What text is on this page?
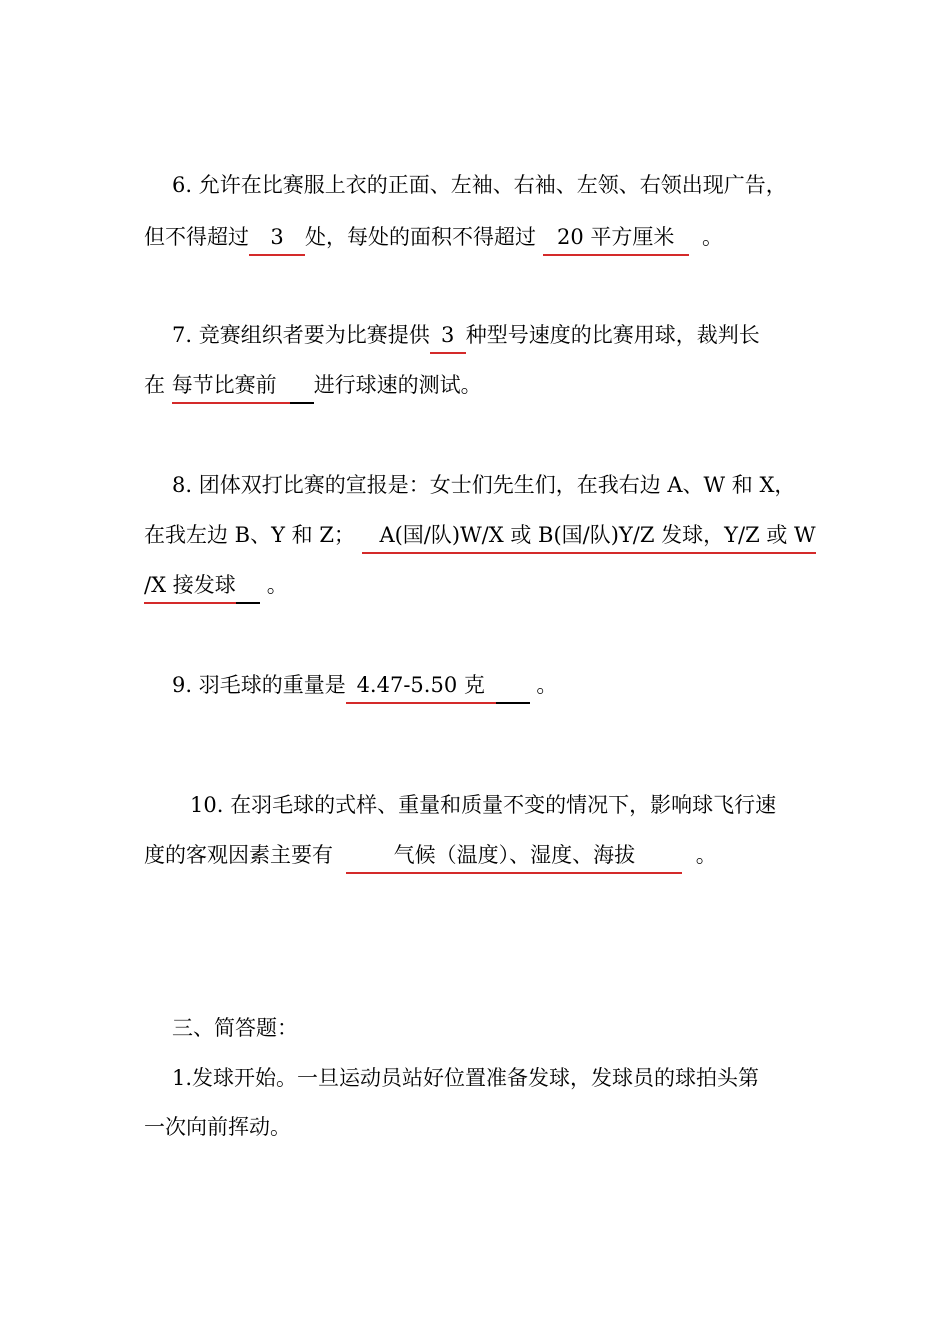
6. 允许在比赛服上衣的正面、左袖、右袖、左领、右领出现广告，
但不得超过 3 处，每处的面积不得超过 20 平方厘米 。
7. 竞赛组织者要为比赛提供 3 种型号速度的比赛用球，裁判长
在 每节比赛前 进行球速的测试。
8. 团体双打比赛的宣报是：女士们先生们，在我右边 A、W 和 X，
在我左边 B、Y 和 Z； A(国/队)W/X 或 B(国/队)Y/Z 发球，Y/Z 或 W
/X 接发球 。
9. 羽毛球的重量是 4.47-5.50 克 。
10. 在羽毛球的式样、重量和质量不变的情况下，影响球飞行速
度的客观因素主要有	气候（温度）、湿度、海拔	。
三、简答题：
1.发球开始。一旦运动员站好位置准备发球，发球员的球拍头第
一次向前挥动。
